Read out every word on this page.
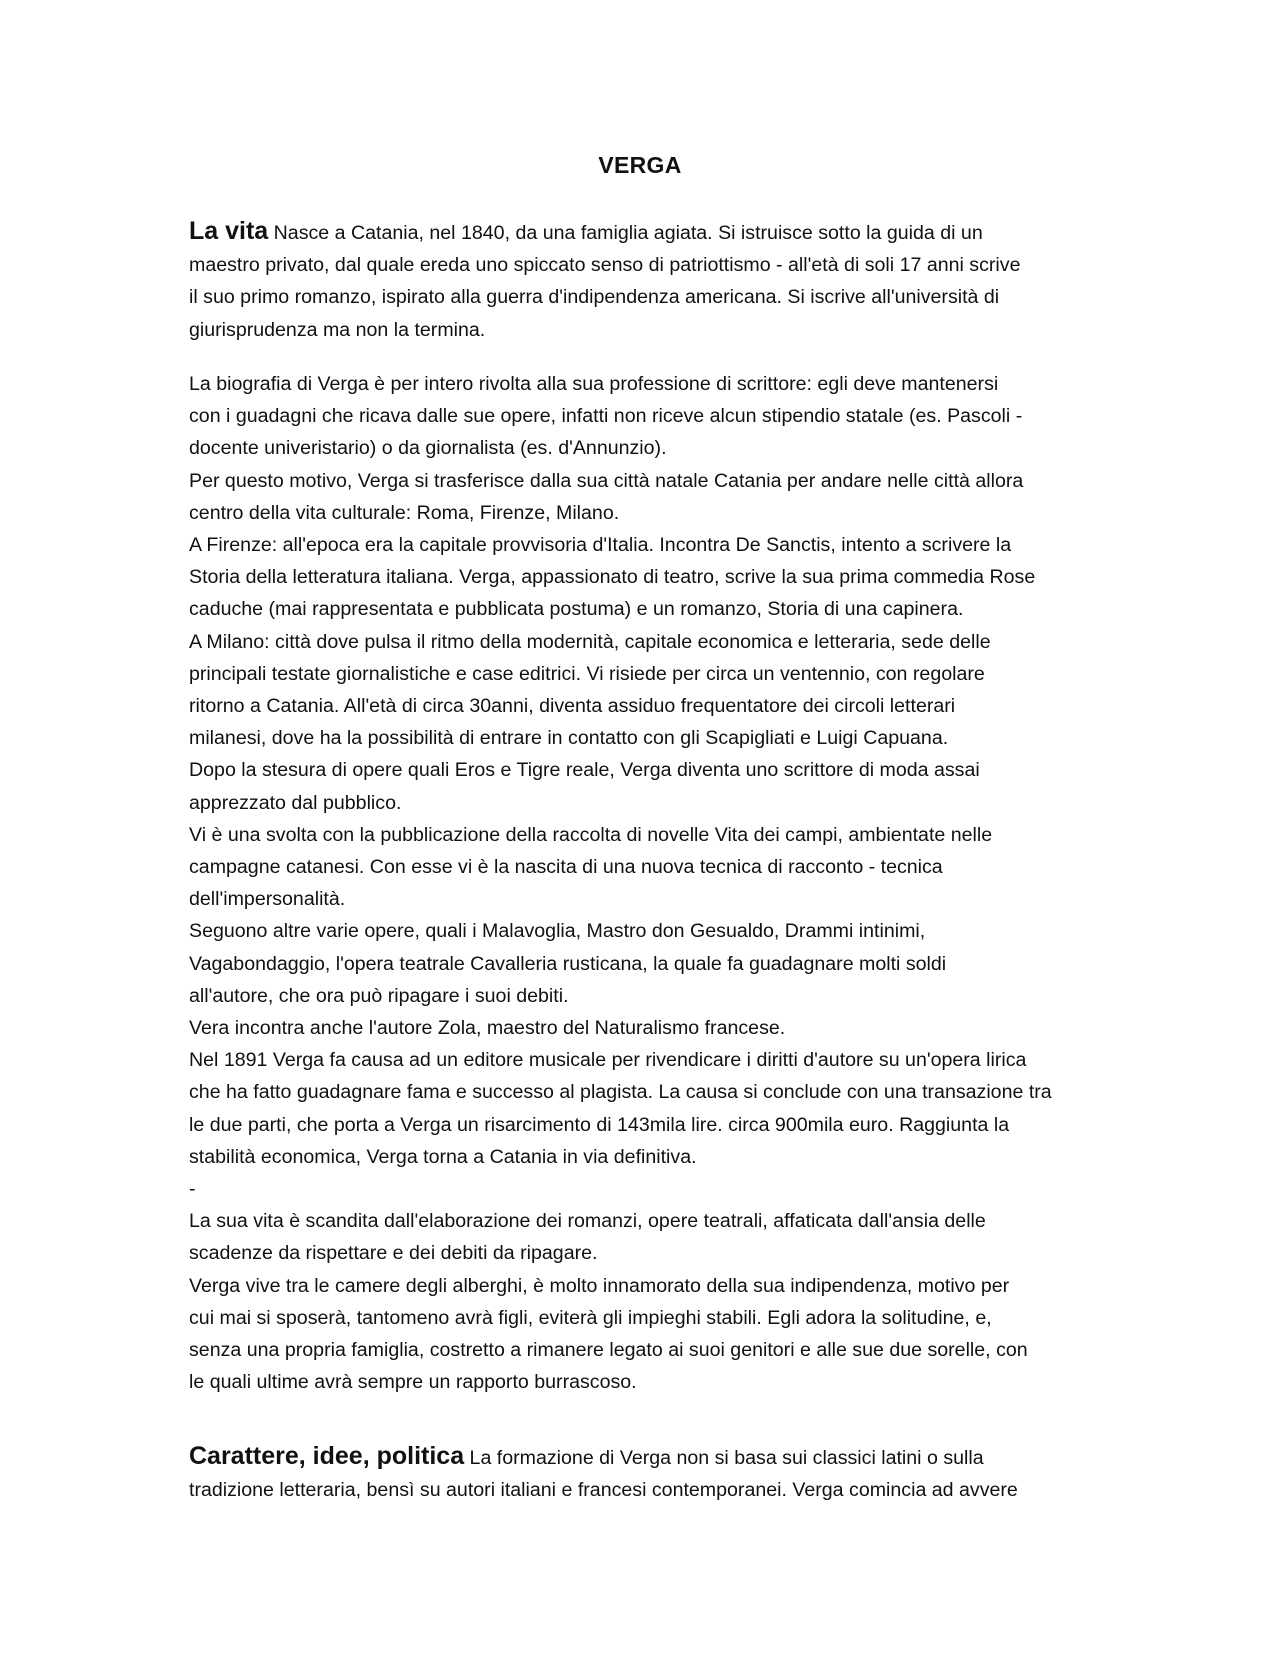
VERGA
La vita Nasce a Catania, nel 1840, da una famiglia agiata. Si istruisce sotto la guida di un
maestro privato, dal quale ereda uno spiccato senso di patriottismo - all'età di soli 17 anni scrive
il suo primo romanzo, ispirato alla guerra d'indipendenza americana. Si iscrive all'università di
giurisprudenza ma non la termina.
La biografia di Verga è per intero rivolta alla sua professione di scrittore: egli deve mantenersi
con i guadagni che ricava dalle sue opere, infatti non riceve alcun stipendio statale (es. Pascoli -
docente univeristario) o da giornalista (es. d'Annunzio).
Per questo motivo, Verga si trasferisce dalla sua città natale Catania per andare nelle città allora
centro della vita culturale: Roma, Firenze, Milano.
A Firenze: all'epoca era la capitale provvisoria d'Italia. Incontra De Sanctis, intento a scrivere la
Storia della letteratura italiana. Verga, appassionato di teatro, scrive la sua prima commedia Rose
caduche (mai rappresentata e pubblicata postuma) e un romanzo, Storia di una capinera.
A Milano: città dove pulsa il ritmo della modernità, capitale economica e letteraria, sede delle
principali testate giornalistiche e case editrici. Vi risiede per circa un ventennio, con regolare
ritorno a Catania. All'età di circa 30anni, diventa assiduo frequentatore dei circoli letterari
milanesi, dove ha la possibilità di entrare in contatto con gli Scapigliati e Luigi Capuana.
Dopo la stesura di opere quali Eros e Tigre reale, Verga diventa uno scrittore di moda assai
apprezzato dal pubblico.
Vi è una svolta con la pubblicazione della raccolta di novelle Vita dei campi, ambientate nelle
campagne catanesi. Con esse vi è la nascita di una nuova tecnica di racconto - tecnica
dell'impersonalità.
Seguono altre varie opere, quali i Malavoglia, Mastro don Gesualdo, Drammi intinimi,
Vagabondaggio, l'opera teatrale Cavalleria rusticana, la quale fa guadagnare molti soldi
all'autore, che ora può ripagare i suoi debiti.
Vera incontra anche l'autore Zola, maestro del Naturalismo francese.
Nel 1891 Verga fa causa ad un editore musicale per rivendicare i diritti d'autore su un'opera lirica
che ha fatto guadagnare fama e successo al plagista. La causa si conclude con una transazione tra
le due parti, che porta a Verga un risarcimento di 143mila lire. circa 900mila euro. Raggiunta la
stabilità economica, Verga torna a Catania in via definitiva.
-
La sua vita è scandita dall'elaborazione dei romanzi, opere teatrali, affaticata dall'ansia delle
scadenze da rispettare e dei debiti da ripagare.
Verga vive tra le camere degli alberghi, è molto innamorato della sua indipendenza, motivo per
cui mai si sposerà, tantomeno avrà figli, eviterà gli impieghi stabili. Egli adora la solitudine, e,
senza una propria famiglia, costretto a rimanere legato ai suoi genitori e alle sue due sorelle, con
le quali ultime avrà sempre un rapporto burrascoso.
Carattere, idee, politica La formazione di Verga non si basa sui classici latini o sulla
tradizione letteraria, bensì su autori italiani e francesi contemporanei. Verga comincia ad avvere
